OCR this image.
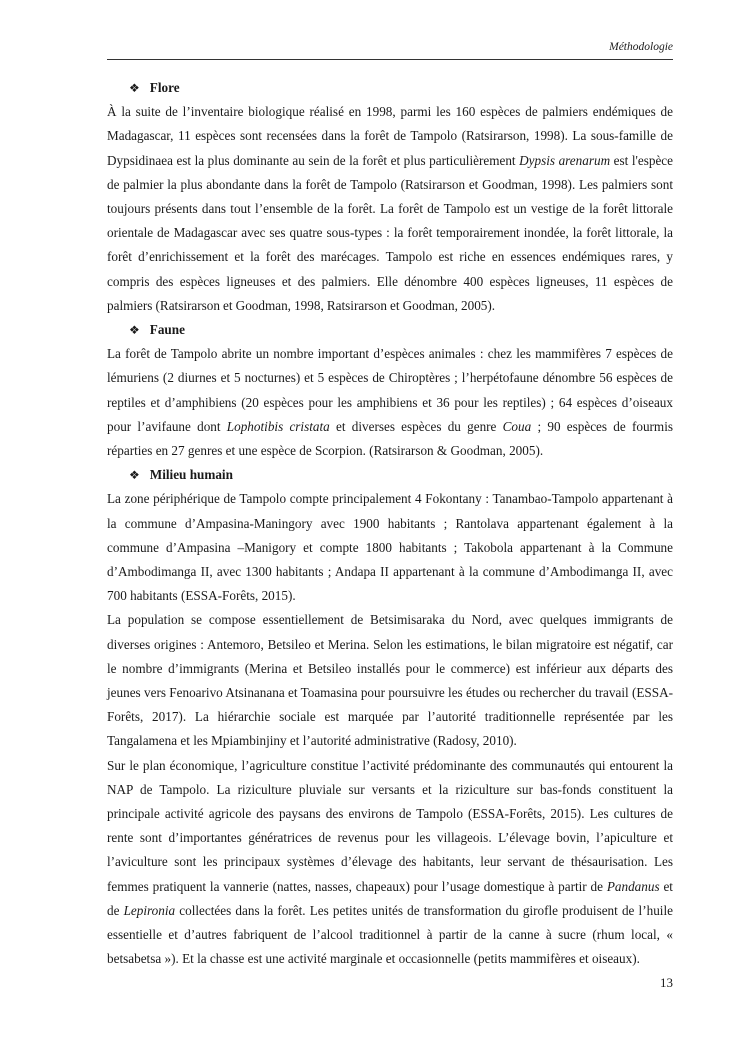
Méthodologie
❖ Flore

À la suite de l’inventaire biologique réalisé en 1998, parmi les 160 espèces de palmiers endémiques de Madagascar, 11 espèces sont recensées dans la forêt de Tampolo (Ratsirarson, 1998). La sous-famille de Dypsidinaea est la plus dominante au sein de la forêt et plus particulièrement Dypsis arenarum est l'espèce de palmier la plus abondante dans la forêt de Tampolo (Ratsirarson et Goodman, 1998). Les palmiers sont toujours présents dans tout l’ensemble de la forêt. La forêt de Tampolo est un vestige de la forêt littorale orientale de Madagascar avec ses quatre sous-types : la forêt temporairement inondée, la forêt littorale, la forêt d’enrichissement et la forêt des marécages. Tampolo est riche en essences endémiques rares, y compris des espèces ligneuses et des palmiers. Elle dénombre 400 espèces ligneuses, 11 espèces de palmiers (Ratsirarson et Goodman, 1998, Ratsirarson et Goodman, 2005).

❖ Faune

La forêt de Tampolo abrite un nombre important d’espèces animales : chez les mammifères 7 espèces de lémuriens (2 diurnes et 5 nocturnes) et 5 espèces de Chiroptères ; l’herpétofaune dénombre 56 espèces de reptiles et d’amphibiens (20 espèces pour les amphibiens et 36 pour les reptiles) ; 64 espèces d’oiseaux pour l’avifaune dont Lophotibis cristata et diverses espèces du genre Coua ; 90 espèces de fourmis réparties en 27 genres et une espèce de Scorpion. (Ratsirarson & Goodman, 2005).

❖ Milieu humain

La zone périphérique de Tampolo compte principalement 4 Fokontany : Tanambao-Tampolo appartenant à la commune d’Ampasina-Maningory avec 1900 habitants ; Rantolava appartenant également à la commune d’Ampasina –Manigory et compte 1800 habitants ; Takobola appartenant à la Commune d’Ambodimanga II, avec 1300 habitants ; Andapa II appartenant à la commune d’Ambodimanga II, avec 700 habitants (ESSA-Forêts, 2015).

La population se compose essentiellement de Betsimisaraka du Nord, avec quelques immigrants de diverses origines : Antemoro, Betsileo et Merina. Selon les estimations, le bilan migratoire est négatif, car le nombre d’immigrants (Merina et Betsileo installés pour le commerce) est inférieur aux départs des jeunes vers Fenoarivo Atsinanana et Toamasina pour poursuivre les études ou rechercher du travail (ESSA-Forêts, 2017). La hiérarchie sociale est marquée par l’autorité traditionnelle représentée par les Tangalamena et les Mpiambinjiny et l’autorité administrative (Radosy, 2010).

Sur le plan économique, l’agriculture constitue l’activité prédominante des communautés qui entourent la NAP de Tampolo. La riziculture pluviale sur versants et la riziculture sur bas-fonds constituent la principale activité agricole des paysans des environs de Tampolo (ESSA-Forêts, 2015). Les cultures de rente sont d’importantes génératrices de revenus pour les villageois. L’élevage bovin, l’apiculture et l’aviculture sont les principaux systèmes d’élevage des habitants, leur servant de thésaurisation. Les femmes pratiquent la vannerie (nattes, nasses, chapeaux) pour l’usage domestique à partir de Pandanus et de Lepironia collectées dans la forêt. Les petites unités de transformation du girofle produisent de l’huile essentielle et d’autres fabriquent de l’alcool traditionnel à partir de la canne à sucre (rhum local, « betsabetsa »). Et la chasse est une activité marginale et occasionnelle (petits mammifères et oiseaux).

13
